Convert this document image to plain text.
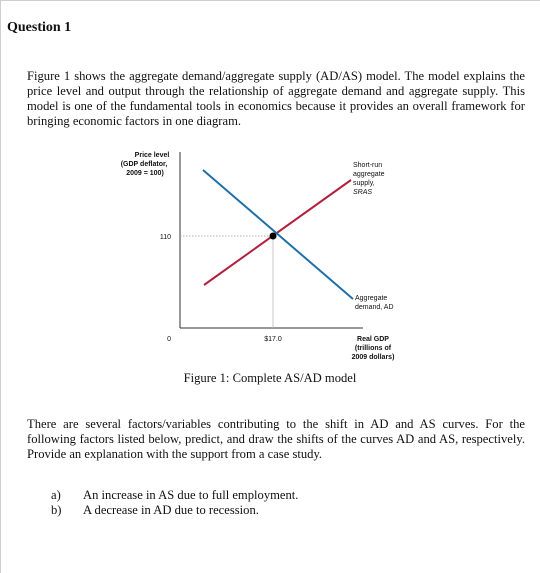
Question 1

Figure 1 shows the aggregate demand/aggregate supply (AD/AS) model. The model explains the price level and output through the relationship of aggregate demand and aggregate supply. This model is one of the fundamental tools in economics because it provides an overall framework for bringing economic factors in one diagram.

Price level
(GDP deflator,
2009 = 100)
110
0	$17.0
Short-run
aggregate
supply,
SRAS
Aggregate
demand, AD
Real GDP
(trillions of
2009 dollars)
Figure 1: Complete AS/AD model

There are several factors/variables contributing to the shift in AD and AS curves. For the following factors listed below, predict, and draw the shifts of the curves AD and AS, respectively. Provide an explanation with the support from a case study.

a) An increase in AS due to full employment.
b) A decrease in AD due to recession.
